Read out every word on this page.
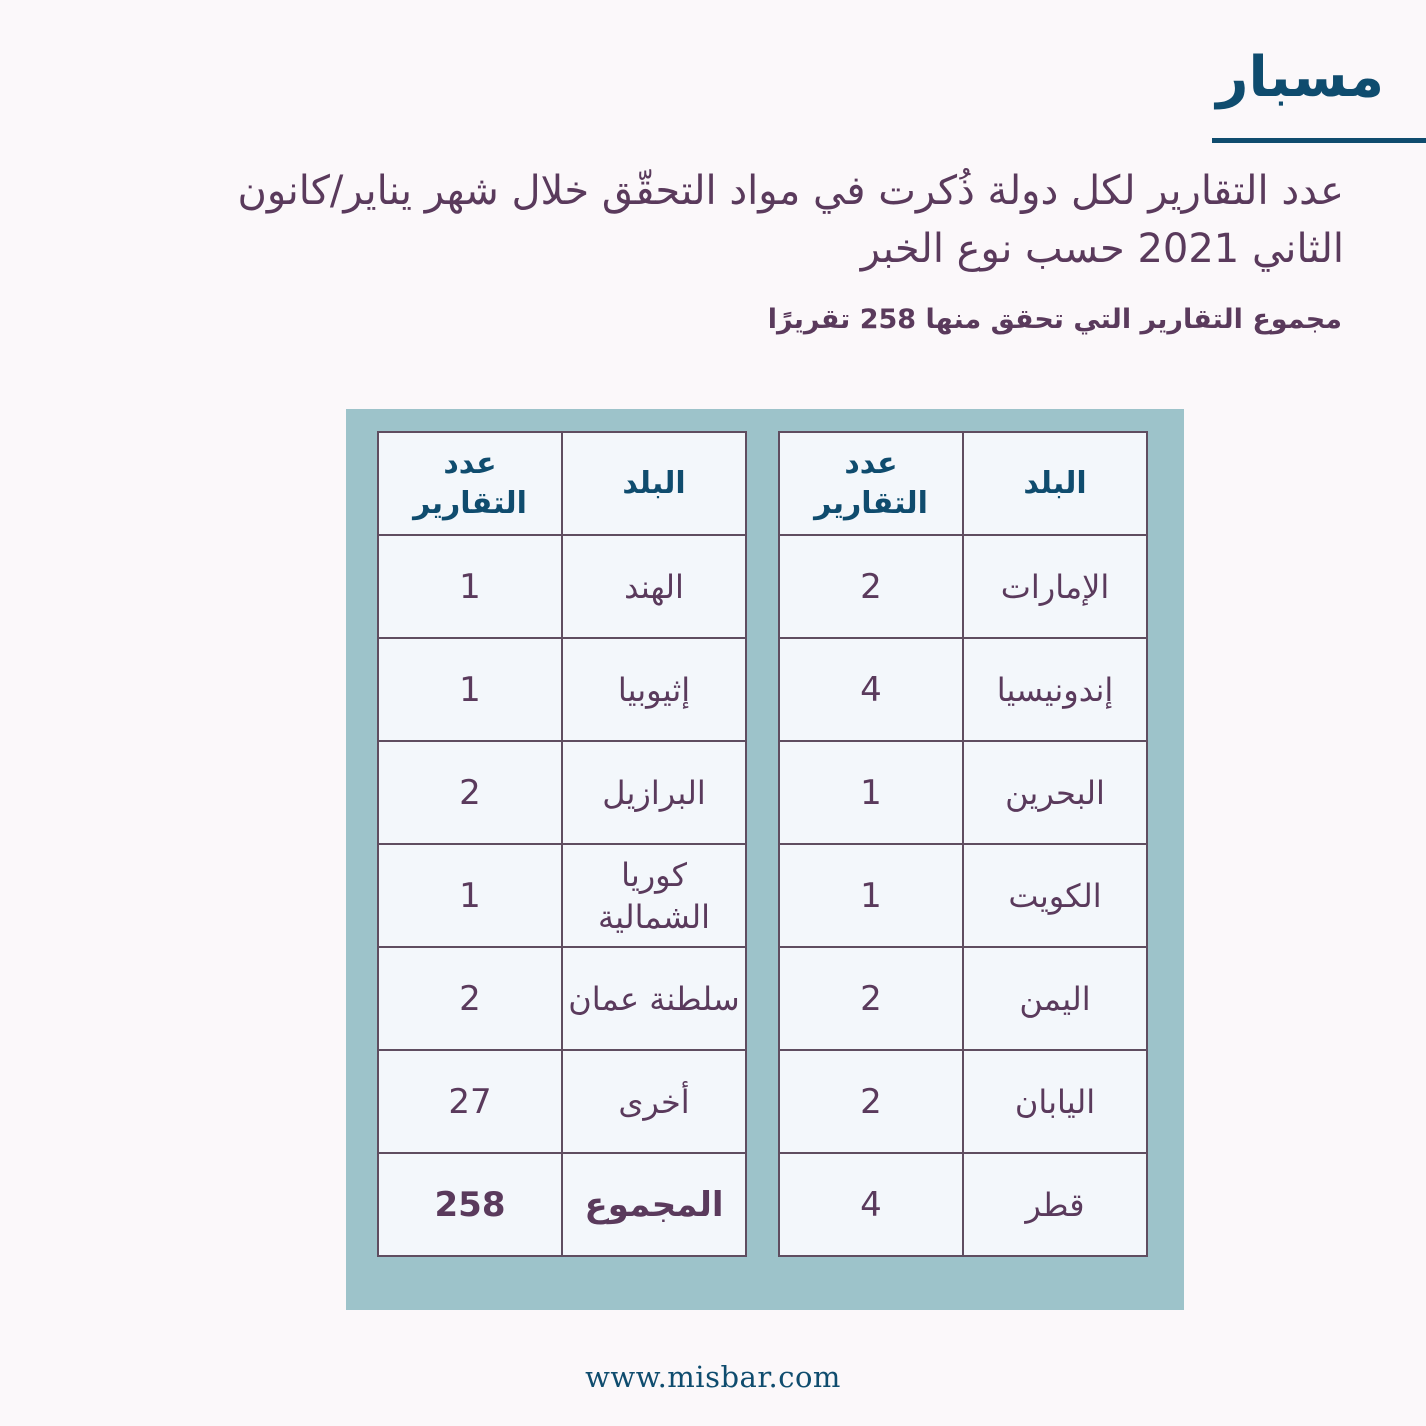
مسبار
عدد التقارير لكل دولة ذُكرت في مواد التحقّق خلال شهر يناير/كانون الثاني 2021 حسب نوع الخبر
مجموع التقارير التي تحقق منها 258 تقريرًا
البلد	عدد
التقارير

الإمارات	2
إندونيسيا	4
البحرين	1
الكويت	1
اليمن	2
اليابان	2
قطر	4
البلد	عدد
التقارير

الهند	1
إثيوبيا	1
البرازيل	2
كوريا الشمالية	1
سلطنة عمان	2
أخرى	27
المجموع	258
www.misbar.com
